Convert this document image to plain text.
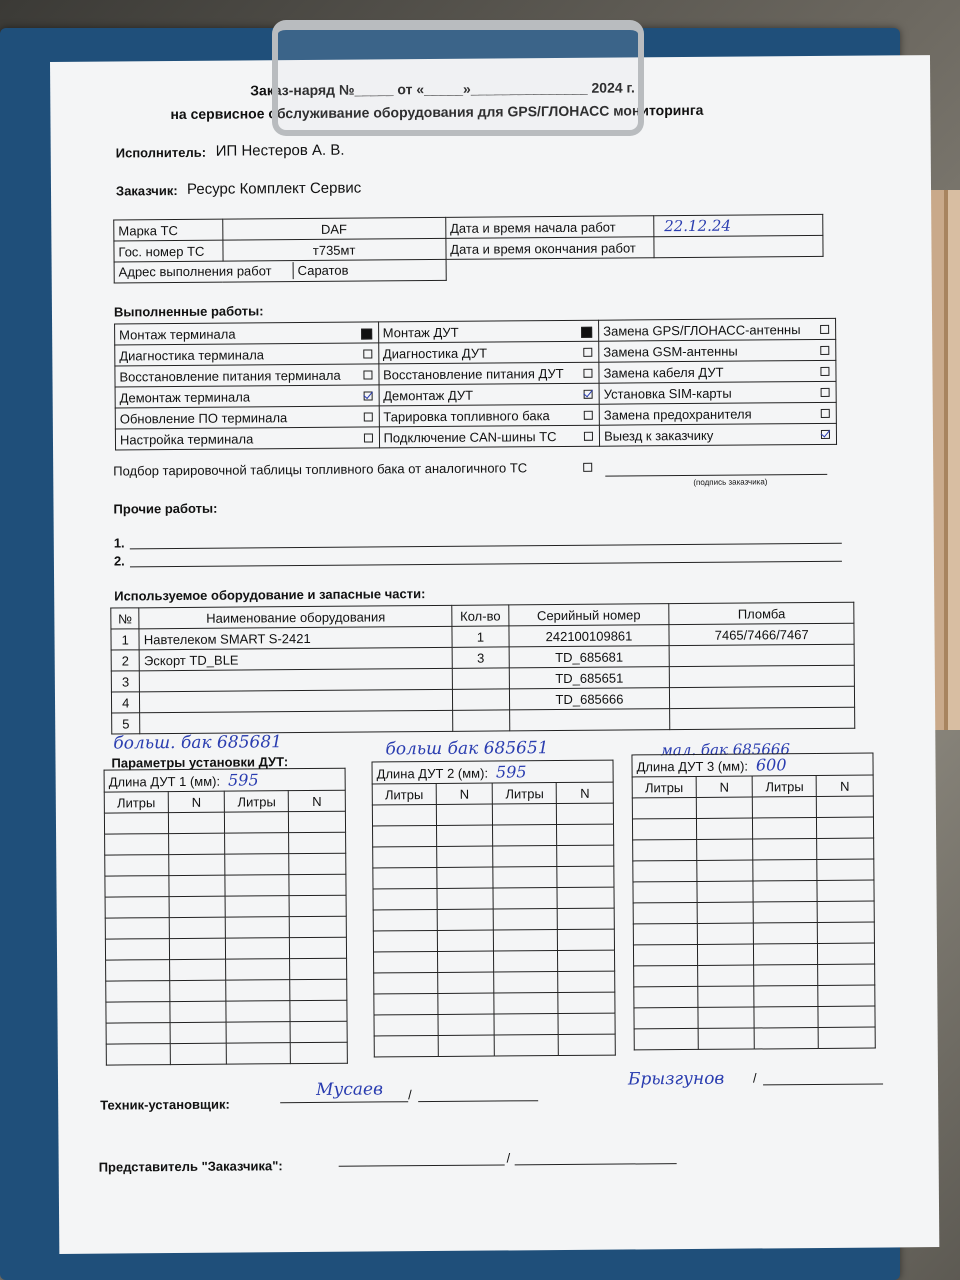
Заказ-наряд №_____ от «_____»_______________ 2024 г.
на сервисное обслуживание оборудования для GPS/ГЛОНАСС мониторинга
Исполнитель: ИП Нестеров А. В.
Заказчик: Ресурс Комплект Сервис
Марка ТС	DAF	Дата и время начала работ	22.12.24
Гос. номер ТС	т735мт	Дата и время окончания работ	
Адрес выполнения работ Саратов			
Выполненные работы:
Монтаж терминала	Монтаж ДУТ	Замена GPS/ГЛОНАСС-антенны

Диагностика терминала	Диагностика ДУТ	Замена GSM-антенны

Восстановление питания терминала	Восстановление питания ДУТ	Замена кабеля ДУТ

Демонтаж терминала	Демонтаж ДУТ	Установка SIM-карты

Обновление ПО терминала	Тарировка топливного бака	Замена предохранителя

Настройка терминала	Подключение CAN-шины ТС	Выезд к заказчику
Подбор тарировочной таблицы топливного бака от аналогичного ТС
(подпись заказчика)
Прочие работы:
1.
2.
Используемое оборудование и запасные части:
№	Наименование оборудования	Кол-во	Серийный номер	Пломба
1	Навтелеком SMART S-2421	1	242100109861	7465/7466/7467
2	Эскорт TD_BLE	3	TD_685681	
3			TD_685651	
4			TD_685666	
5				
больш. бак 685681	больш бак 685651	мал. бак 685666
Параметры установки ДУТ:
Длина ДУТ 1 (мм): 595			
Литры	N	Литры	N

Длина ДУТ 2 (мм): 595			
Литры	N	Литры	N

Длина ДУТ 3 (мм): 600			
Литры	N	Литры	N

Техник-установщик:
Мусаев /
Брызгунов /
Представитель "Заказчика":
/
